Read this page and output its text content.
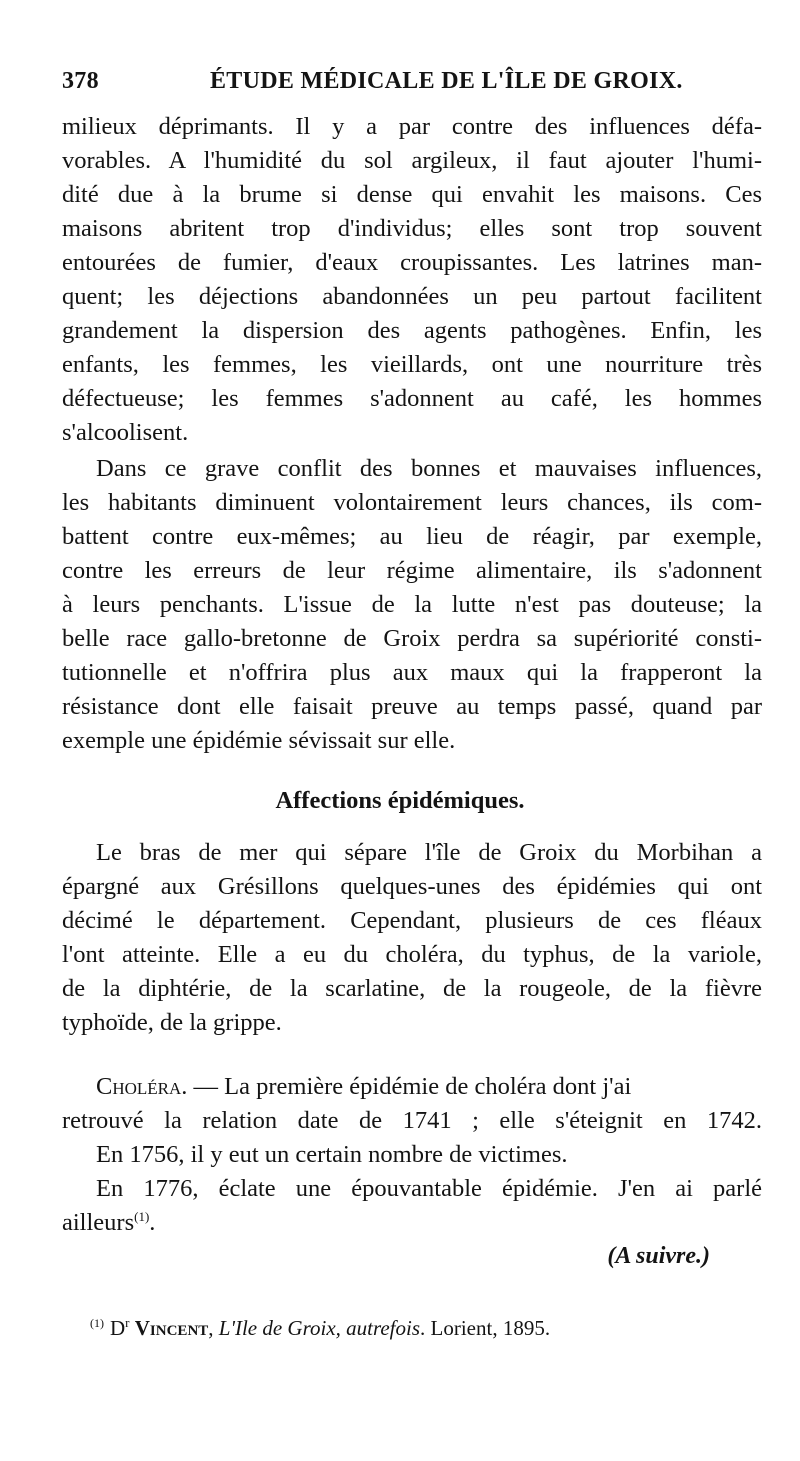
378	ÉTUDE MÉDICALE DE L'ÎLE DE GROIX.
milieux déprimants. Il y a par contre des influences défa-
vorables. A l'humidité du sol argileux, il faut ajouter l'humi-
dité due à la brume si dense qui envahit les maisons. Ces
maisons abritent trop d'individus; elles sont trop souvent
entourées de fumier, d'eaux croupissantes. Les latrines man-
quent; les déjections abandonnées un peu partout facilitent
grandement la dispersion des agents pathogènes. Enfin, les
enfants, les femmes, les vieillards, ont une nourriture très
défectueuse; les femmes s'adonnent au café, les hommes
s'alcoolisent.
Dans ce grave conflit des bonnes et mauvaises influences,
les habitants diminuent volontairement leurs chances, ils com-
battent contre eux-mêmes; au lieu de réagir, par exemple,
contre les erreurs de leur régime alimentaire, ils s'adonnent
à leurs penchants. L'issue de la lutte n'est pas douteuse; la
belle race gallo-bretonne de Groix perdra sa supériorité consti-
tutionnelle et n'offrira plus aux maux qui la frapperont la
résistance dont elle faisait preuve au temps passé, quand par
exemple une épidémie sévissait sur elle.
Affections épidémiques.
Le bras de mer qui sépare l'île de Groix du Morbihan a
épargné aux Grésillons quelques-unes des épidémies qui ont
décimé le département. Cependant, plusieurs de ces fléaux
l'ont atteinte. Elle a eu du choléra, du typhus, de la variole,
de la diphtérie, de la scarlatine, de la rougeole, de la fièvre
typhoïde, de la grippe.
Choléra. — La première épidémie de choléra dont j'ai
retrouvé la relation date de 1741 ; elle s'éteignit en 1742.
En 1756, il y eut un certain nombre de victimes.
En 1776, éclate une épouvantable épidémie. J'en ai parlé
ailleurs$^{(1)}$.
(A suivre.)
$^{(1)}$ $D^r$ Vincent, L'Ile de Groix, autrefois. Lorient, 1895.
